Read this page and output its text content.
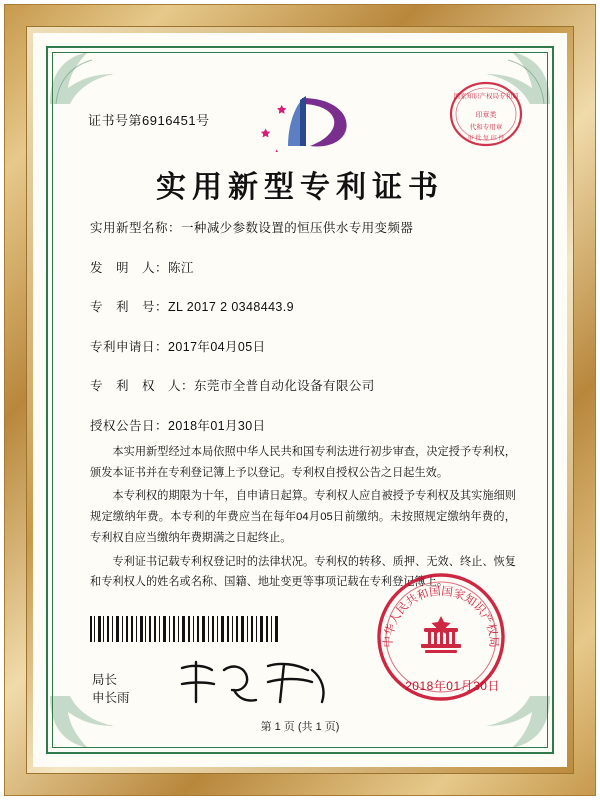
证书号第6916451号
国家知识产权局专利局
印章类
代和专用章
审 批 复 印 件
实用新型专利证书
实用新型名称：一种减少参数设置的恒压供水专用变频器
发　明　人：陈江
专　利　号：ZL 2017 2 0348443.9
专利申请日：2017年04月05日
专　利　权　人：东莞市全普自动化设备有限公司
授权公告日：2018年01月30日

本实用新型经过本局依照中华人民共和国专利法进行初步审查，决定授予专利权，颁发本证书并在专利登记簿上予以登记。专利权自授权公告之日起生效。

本专利权的期限为十年，自申请日起算。专利权人应自被授予专利权及其实施细则规定缴纳年费。本专利的年费应当在每年04月05日前缴纳。未按照规定缴纳年费的，专利权自应当缴纳年费期满之日起终止。

专利证书记载专利权登记时的法律状况。专利权的转移、质押、无效、终止、恢复和专利权人的姓名或名称、国籍、地址变更等事项记载在专利登记簿上。

局长
申长雨
中华人民共和国国家知识产权局
2018年01月30日
第 1 页 (共 1 页)
